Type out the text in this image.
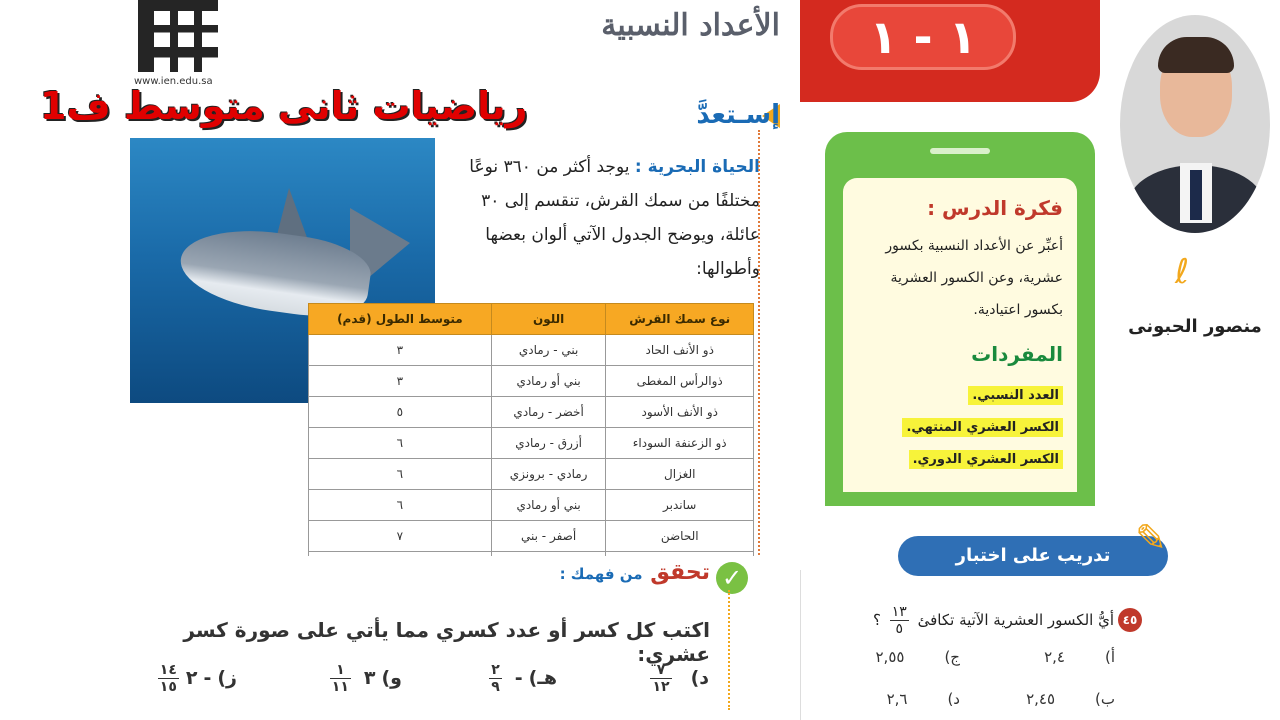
www.ien.edu.sa
١ - ١
الأعداد النسبية
رياضيات ثانى متوسط ف1	إسـتعدَّ
الحياة البحرية : يوجد أكثر من ٣٦٠ نوعًا مختلفًا من سمك القرش، تنقسم إلى ٣٠ عائلة، ويوضح الجدول الآتي ألوان بعضها وأطوالها:
نوع سمك القرش	اللون	متوسط الطول (قدم)
ذو الأنف الحاد	بني - رمادي	٣
ذوالرأس المغطى	بني أو رمادي	٣
ذو الأنف الأسود	أخضر - رمادي	٥
ذو الزعنفة السوداء	أزرق - رمادي	٦
الغزال	رمادي - برونزي	٦
ساندبر	بني أو رمادي	٦
الحاضن	أصفر - بني	٧

فكرة الدرس :
أعبِّر عن الأعداد النسبية بكسور عشرية، وعن الكسور العشرية بكسور اعتيادية.
المفردات
العدد النسبي.
الكسر العشري المنتهي.
الكسر العشري الدوري.
ℓ
منصور الحبونى
✓
تحقق من فهمك :
اكتب كل كسر أو عدد كسري مما يأتي على صورة كسر عشري:
د)
$\frac{٧}{١٢}$
هـ)-
$\frac{٢}{٩}$
و)٣
$\frac{١}{١١}$
ز)-٢
$\frac{١٤}{١٥}$
تدريب على اختبار ✎
٤٥
أيُّ الكسور العشرية الآتية تكافئ
$\frac{١٣}{٥}$
؟
أ)٢,٤
ج)٢,٥٥
ب)٢,٤٥
د)٢,٦
